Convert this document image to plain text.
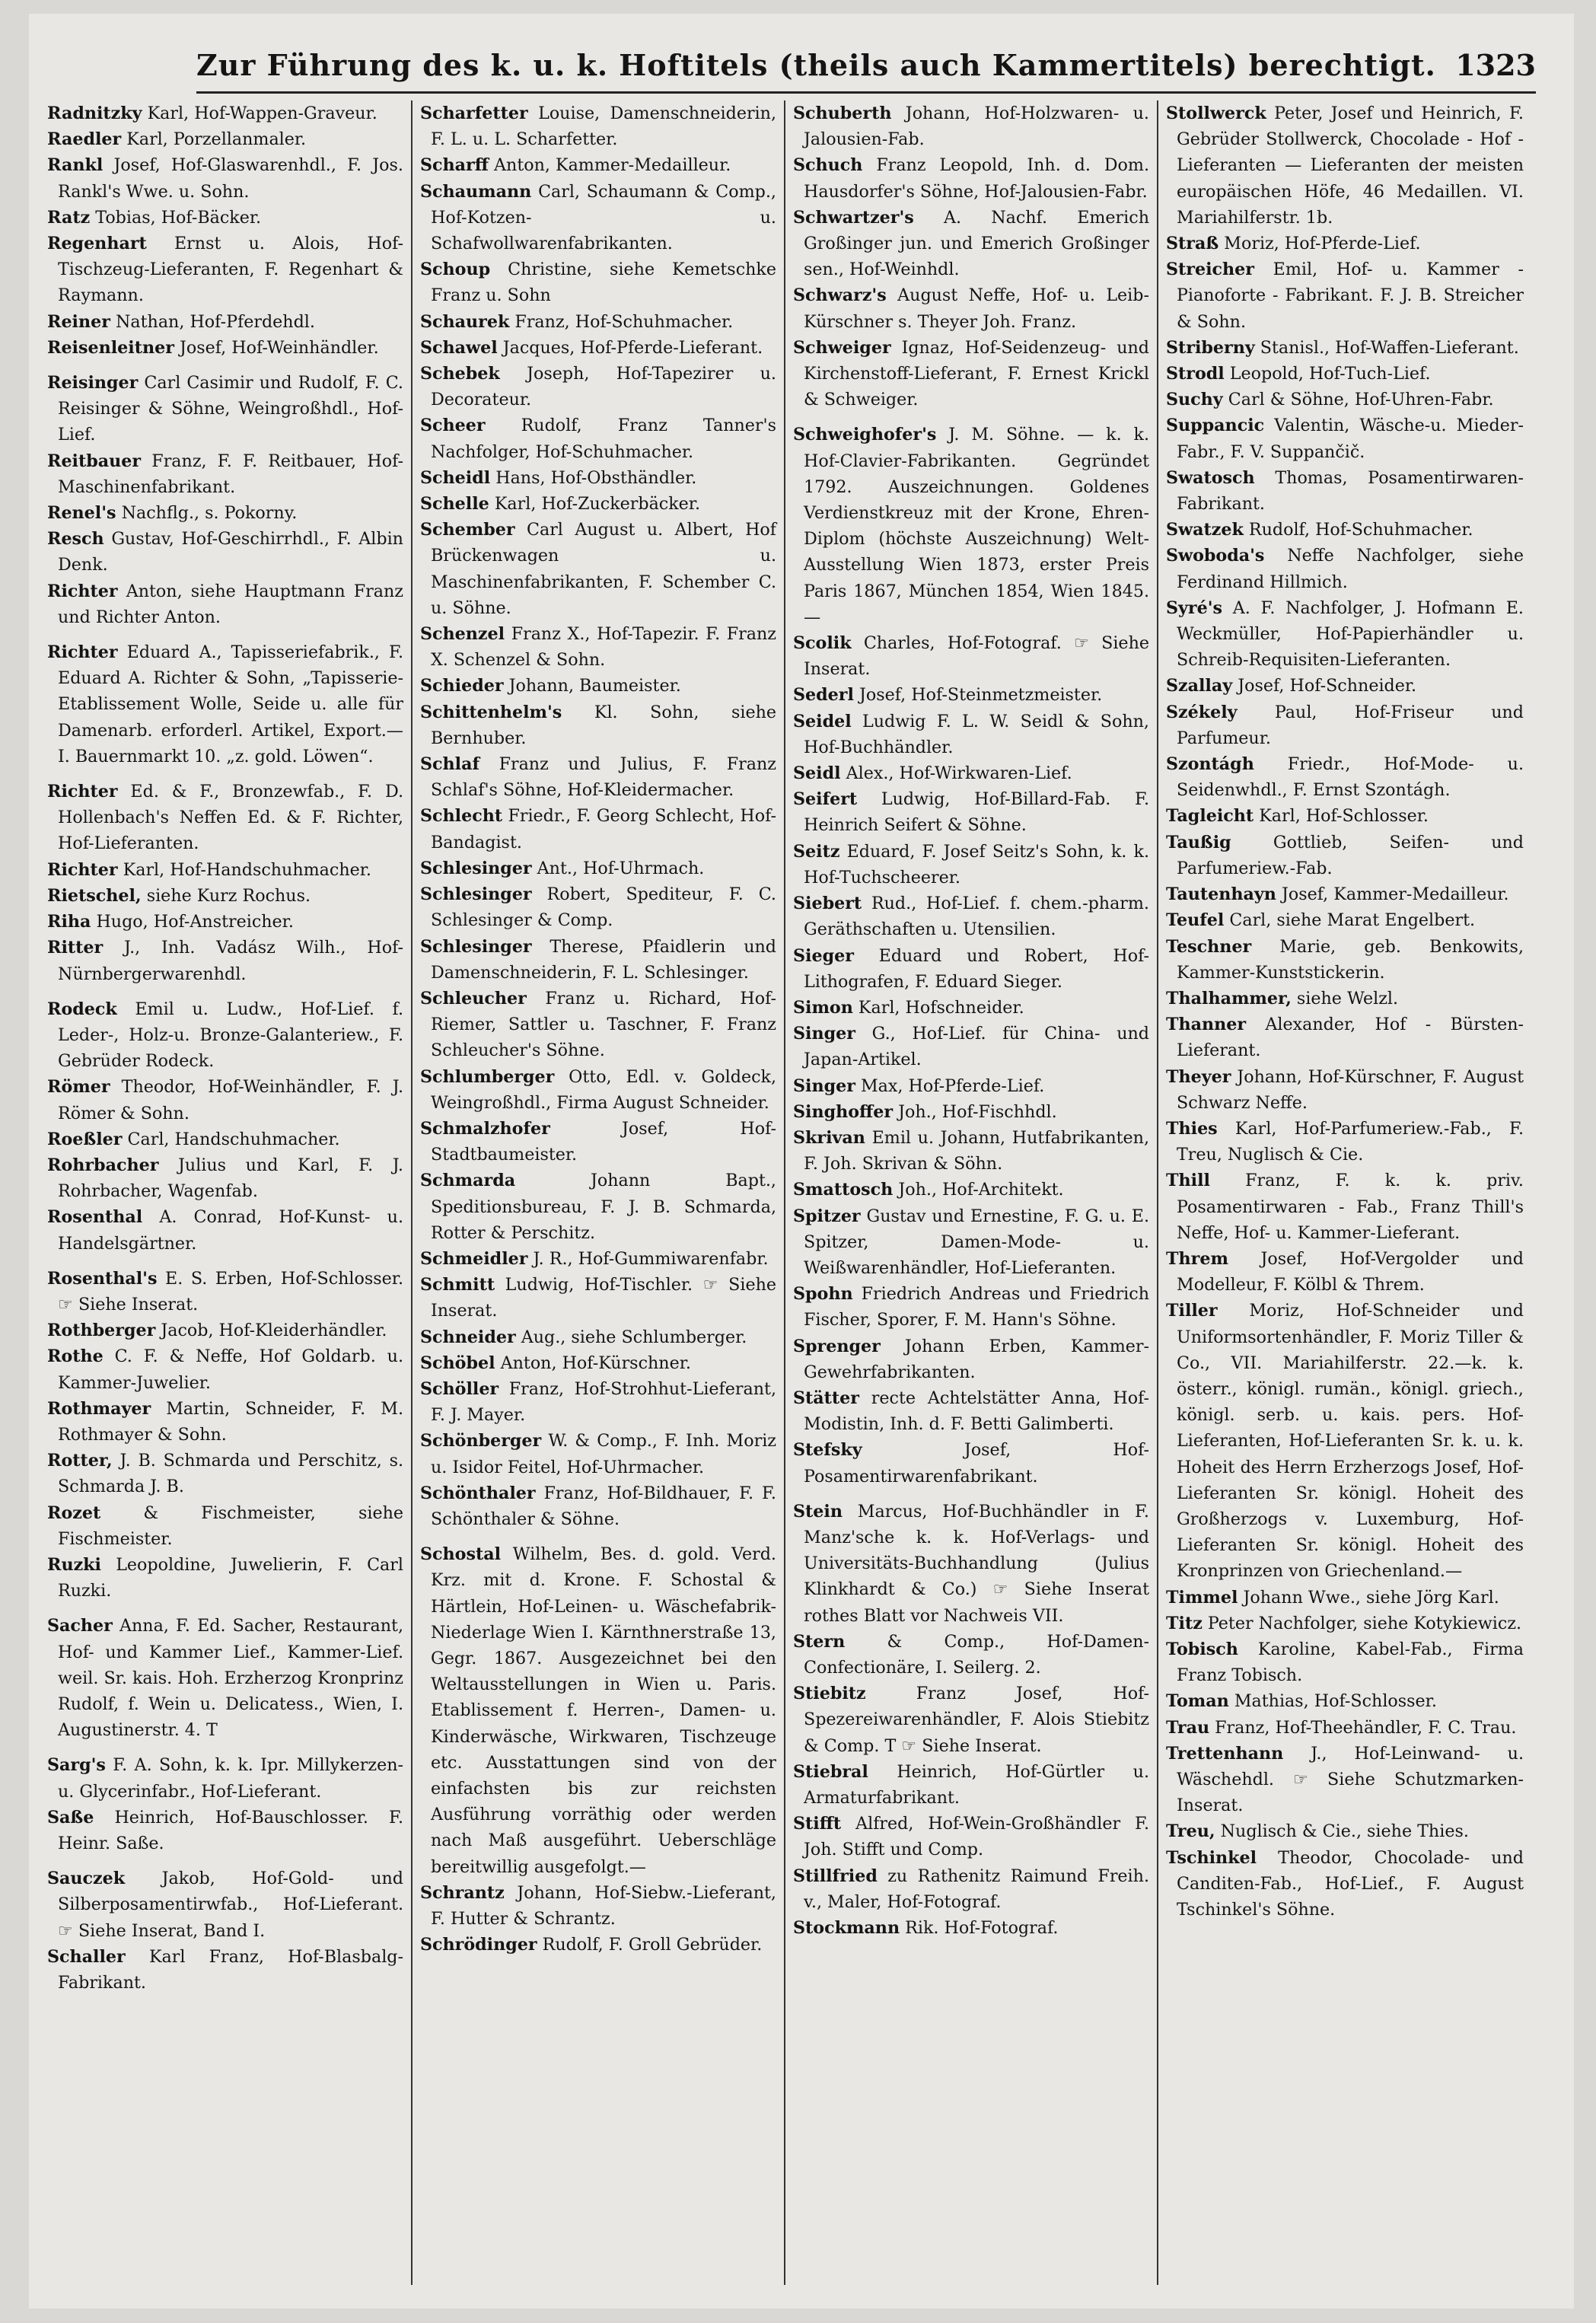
Zur Führung des k. u. k. Hoftitels (theils auch Kammertitels) berechtigt. 1323

Radnitzky Karl, Hof-Wappen-Graveur.

Raedler Karl, Porzellanmaler.

Rankl Josef, Hof-Glaswarenhdl., F. Jos. Rankl's Wwe. u. Sohn.

Ratz Tobias, Hof-Bäcker.

Regenhart Ernst u. Alois, Hof-Tischzeug-Lieferanten, F. Regenhart & Raymann.

Reiner Nathan, Hof-Pferdehdl.

Reisenleitner Josef, Hof-Weinhändler.

Reisinger Carl Casimir und Rudolf, F. C. Reisinger & Söhne, Weingroßhdl., Hof-Lief.

Reitbauer Franz, F. F. Reitbauer, Hof-Maschinenfabrikant.

Renel's Nachflg., s. Pokorny.

Resch Gustav, Hof-Geschirrhdl., F. Albin Denk.

Richter Anton, siehe Hauptmann Franz und Richter Anton.

Richter Eduard A., Tapisseriefabrik., F. Eduard A. Richter & Sohn, „Tapisserie-Etablissement Wolle, Seide u. alle für Damenarb. erforderl. Artikel, Export.— I. Bauernmarkt 10. „z. gold. Löwen“.

Richter Ed. & F., Bronzewfab., F. D. Hollenbach's Neffen Ed. & F. Richter, Hof-Lieferanten.

Richter Karl, Hof-Handschuhmacher.

Rietschel, siehe Kurz Rochus.

Riha Hugo, Hof-Anstreicher.

Ritter J., Inh. Vadász Wilh., Hof-Nürnbergerwarenhdl.

Rodeck Emil u. Ludw., Hof-Lief. f. Leder-, Holz-u. Bronze-Galanteriew., F. Gebrüder Rodeck.

Römer Theodor, Hof-Weinhändler, F. J. Römer & Sohn.

Roeßler Carl, Handschuhmacher.

Rohrbacher Julius und Karl, F. J. Rohrbacher, Wagenfab.

Rosenthal A. Conrad, Hof-Kunst- u. Handelsgärtner.

Rosenthal's E. S. Erben, Hof-Schlosser. ☞ Siehe Inserat.

Rothberger Jacob, Hof-Kleiderhändler.

Rothe C. F. & Neffe, Hof Goldarb. u. Kammer-Juwelier.

Rothmayer Martin, Schneider, F. M. Rothmayer & Sohn.

Rotter, J. B. Schmarda und Perschitz, s. Schmarda J. B.

Rozet	& Fischmeister, siehe Fischmeister.

Ruzki Leopoldine, Juwelierin, F. Carl Ruzki.

Sacher Anna, F. Ed. Sacher, Restaurant, Hof- und Kammer Lief., Kammer-Lief. weil. Sr. kais. Hoh. Erzherzog Kronprinz Rudolf, f. Wein u. Delicatess., Wien, I. Augustinerstr. 4. T

Sarg's F. A. Sohn, k. k. Ipr. Millykerzen- u. Glycerinfabr., Hof-Lieferant.

Saße Heinrich, Hof-Bauschlosser. F. Heinr. Saße.

Sauczek Jakob, Hof-Gold- und Silberposamentirwfab., Hof-Lieferant. ☞ Siehe Inserat, Band I.

Schaller Karl Franz, Hof-Blasbalg-Fabrikant.

Scharfetter Louise, Damenschneiderin, F. L. u. L. Scharfetter.

Scharff Anton, Kammer-Medailleur.

Schaumann Carl, Schaumann & Comp., Hof-Kotzen- u. Schafwollwarenfabrikanten.

Schoup Christine, siehe Kemetschke Franz u. Sohn

Schaurek Franz, Hof-Schuhmacher.

Schawel Jacques, Hof-Pferde-Lieferant.

Schebek Joseph, Hof-Tapezirer u. Decorateur.

Scheer Rudolf, Franz Tanner's Nachfolger, Hof-Schuhmacher.

Scheidl Hans, Hof-Obsthändler.

Schelle Karl, Hof-Zuckerbäcker.

Schember Carl August u. Albert, Hof Brückenwagen u. Maschinenfabrikanten, F. Schember C. u. Söhne.

Schenzel Franz X., Hof-Tapezir. F. Franz X. Schenzel & Sohn.

Schieder Johann, Baumeister.

Schittenhelm's Kl. Sohn, siehe Bernhuber.

Schlaf Franz und Julius, F. Franz Schlaf's Söhne, Hof-Kleidermacher.

Schlecht Friedr., F. Georg Schlecht, Hof-Bandagist.

Schlesinger Ant., Hof-Uhrmach.

Schlesinger Robert, Spediteur, F. C. Schlesinger & Comp.

Schlesinger Therese, Pfaidlerin und Damenschneiderin, F. L. Schlesinger.

Schleucher Franz u. Richard, Hof-Riemer, Sattler u. Taschner, F. Franz Schleucher's Söhne.

Schlumberger Otto, Edl. v. Goldeck, Weingroßhdl., Firma August Schneider.

Schmalzhofer	Josef, Hof-Stadtbaumeister.

Schmarda	Johann Bapt., Speditionsbureau, F. J. B. Schmarda, Rotter & Perschitz.

Schmeidler J. R., Hof-Gummiwarenfabr.

Schmitt Ludwig, Hof-Tischler. ☞ Siehe Inserat.

Schneider Aug., siehe Schlumberger.

Schöbel Anton, Hof-Kürschner.

Schöller Franz, Hof-Strohhut-Lieferant, F. J. Mayer.

Schönberger W. & Comp., F. Inh. Moriz u. Isidor Feitel, Hof-Uhrmacher.

Schönthaler Franz, Hof-Bildhauer, F. F. Schönthaler & Söhne.

Schostal Wilhelm, Bes. d. gold. Verd. Krz. mit d. Krone. F. Schostal & Härtlein, Hof-Leinen- u. Wäschefabrik-Niederlage Wien I. Kärnthnerstraße 13, Gegr. 1867. Ausgezeichnet bei den Weltausstellungen in Wien u. Paris. Etablissement f. Herren-, Damen- u. Kinderwäsche, Wirkwaren, Tischzeuge etc. Ausstattungen sind von der einfachsten bis zur reichsten Ausführung vorräthig oder werden nach Maß ausgeführt. Ueberschläge bereitwillig ausgefolgt.—

Schrantz Johann, Hof-Siebw.-Lieferant, F. Hutter & Schrantz.

Schrödinger Rudolf, F. Groll Gebrüder.

Schuberth Johann, Hof-Holzwaren- u. Jalousien-Fab.

Schuch Franz Leopold, Inh. d. Dom. Hausdorfer's Söhne, Hof-Jalousien-Fabr.

Schwartzer's A. Nachf. Emerich Großinger jun. und Emerich Großinger sen., Hof-Weinhdl.

Schwarz's August Neffe, Hof- u. Leib-Kürschner s. Theyer Joh. Franz.

Schweiger Ignaz, Hof-Seidenzeug- und Kirchenstoff-Lieferant, F. Ernest Krickl & Schweiger.

Schweighofer's J. M. Söhne. — k. k. Hof-Clavier-Fabrikanten. Gegründet 1792. Auszeichnungen. Goldenes Verdienstkreuz mit der Krone, Ehren-Diplom (höchste Auszeichnung) Welt-Ausstellung Wien 1873, erster Preis Paris 1867, München 1854, Wien 1845.—

Scolik Charles, Hof-Fotograf. ☞ Siehe Inserat.

Sederl Josef, Hof-Steinmetzmeister.

Seidel Ludwig F. L. W. Seidl & Sohn, Hof-Buchhändler.

Seidl Alex., Hof-Wirkwaren-Lief.

Seifert Ludwig, Hof-Billard-Fab. F. Heinrich Seifert & Söhne.

Seitz Eduard, F. Josef Seitz's Sohn, k. k. Hof-Tuchscheerer.

Siebert Rud., Hof-Lief. f. chem.-pharm. Geräthschaften u. Utensilien.

Sieger Eduard und Robert, Hof-Lithografen, F. Eduard Sieger.

Simon Karl, Hofschneider.

Singer G., Hof-Lief. für China- und Japan-Artikel.

Singer Max, Hof-Pferde-Lief.

Singhoffer Joh., Hof-Fischhdl.

Skrivan Emil u. Johann, Hutfabrikanten, F. Joh. Skrivan & Söhn.

Smattosch Joh., Hof-Architekt.

Spitzer Gustav und Ernestine, F. G. u. E. Spitzer, Damen-Mode- u. Weißwarenhändler, Hof-Lieferanten.

Spohn Friedrich Andreas und Friedrich Fischer, Sporer, F. M. Hann's Söhne.

Sprenger Johann Erben, Kammer-Gewehrfabrikanten.

Stätter recte Achtelstätter Anna, Hof-Modistin, Inh. d. F. Betti Galimberti.

Stefsky	Josef, Hof-Posamentirwarenfabrikant.

Stein Marcus, Hof-Buchhändler in F. Manz'sche k. k. Hof-Verlags- und Universitäts-Buchhandlung (Julius Klinkhardt & Co.) ☞ Siehe Inserat rothes Blatt vor Nachweis VII.

Stern & Comp., Hof-Damen-Confectionäre, I. Seilerg. 2.

Stiebitz	Franz Josef, Hof-Spezereiwarenhändler, F. Alois Stiebitz & Comp. T ☞ Siehe Inserat.

Stiebral Heinrich, Hof-Gürtler u. Armaturfabrikant.

Stifft Alfred, Hof-Wein-Großhändler F. Joh. Stifft und Comp.

Stillfried zu Rathenitz Raimund Freih. v., Maler, Hof-Fotograf.

Stockmann Rik. Hof-Fotograf.

Stollwerck Peter, Josef und Heinrich, F. Gebrüder Stollwerck, Chocolade - Hof - Lieferanten — Lieferanten der meisten europäischen Höfe, 46 Medaillen. VI. Mariahilferstr. 1b.

Straß Moriz, Hof-Pferde-Lief.

Streicher Emil, Hof- u. Kammer - Pianoforte - Fabrikant. F. J. B. Streicher & Sohn.

Striberny Stanisl., Hof-Waffen-Lieferant.

Strodl Leopold, Hof-Tuch-Lief.

Suchy Carl & Söhne, Hof-Uhren-Fabr.

Suppancic Valentin, Wäsche-u. Mieder-Fabr., F. V. Suppančič.

Swatosch Thomas, Posamentirwaren-Fabrikant.

Swatzek Rudolf, Hof-Schuhmacher.

Swoboda's Neffe Nachfolger, siehe Ferdinand Hillmich.

Syré's A. F. Nachfolger, J. Hofmann E. Weckmüller, Hof-Papierhändler u. Schreib-Requisiten-Lieferanten.

Szallay Josef, Hof-Schneider.

Székely Paul, Hof-Friseur und Parfumeur.

Szontágh Friedr., Hof-Mode- u. Seidenwhdl., F. Ernst Szontágh.

Tagleicht Karl, Hof-Schlosser.

Taußig Gottlieb, Seifen- und Parfumeriew.-Fab.

Tautenhayn Josef, Kammer-Medailleur.

Teufel Carl, siehe Marat Engelbert.

Teschner Marie, geb. Benkowits, Kammer-Kunststickerin.

Thalhammer, siehe Welzl.

Thanner Alexander, Hof - Bürsten-Lieferant.

Theyer Johann, Hof-Kürschner, F. August Schwarz Neffe.

Thies Karl, Hof-Parfumeriew.-Fab., F. Treu, Nuglisch & Cie.

Thill Franz, F. k. k. priv. Posamentirwaren - Fab., Franz Thill's Neffe, Hof- u. Kammer-Lieferant.

Threm Josef, Hof-Vergolder und Modelleur, F. Kölbl & Threm.

Tiller Moriz, Hof-Schneider und Uniformsortenhändler, F. Moriz Tiller & Co., VII. Mariahilferstr. 22.—k. k. österr., königl. rumän., königl. griech., königl. serb. u. kais. pers. Hof-Lieferanten, Hof-Lieferanten Sr. k. u. k. Hoheit des Herrn Erzherzogs Josef, Hof-Lieferanten Sr. königl. Hoheit des Großherzogs v. Luxemburg, Hof-Lieferanten Sr. königl. Hoheit des Kronprinzen von Griechenland.—

Timmel Johann Wwe., siehe Jörg Karl.

Titz Peter Nachfolger, siehe Kotykiewicz.

Tobisch Karoline, Kabel-Fab., Firma Franz Tobisch.

Toman Mathias, Hof-Schlosser.

Trau Franz, Hof-Theehändler, F. C. Trau.

Trettenhann J., Hof-Leinwand- u. Wäschehdl. ☞ Siehe Schutzmarken-Inserat.

Treu, Nuglisch & Cie., siehe Thies.

Tschinkel Theodor, Chocolade- und Canditen-Fab., Hof-Lief., F. August Tschinkel's Söhne.
